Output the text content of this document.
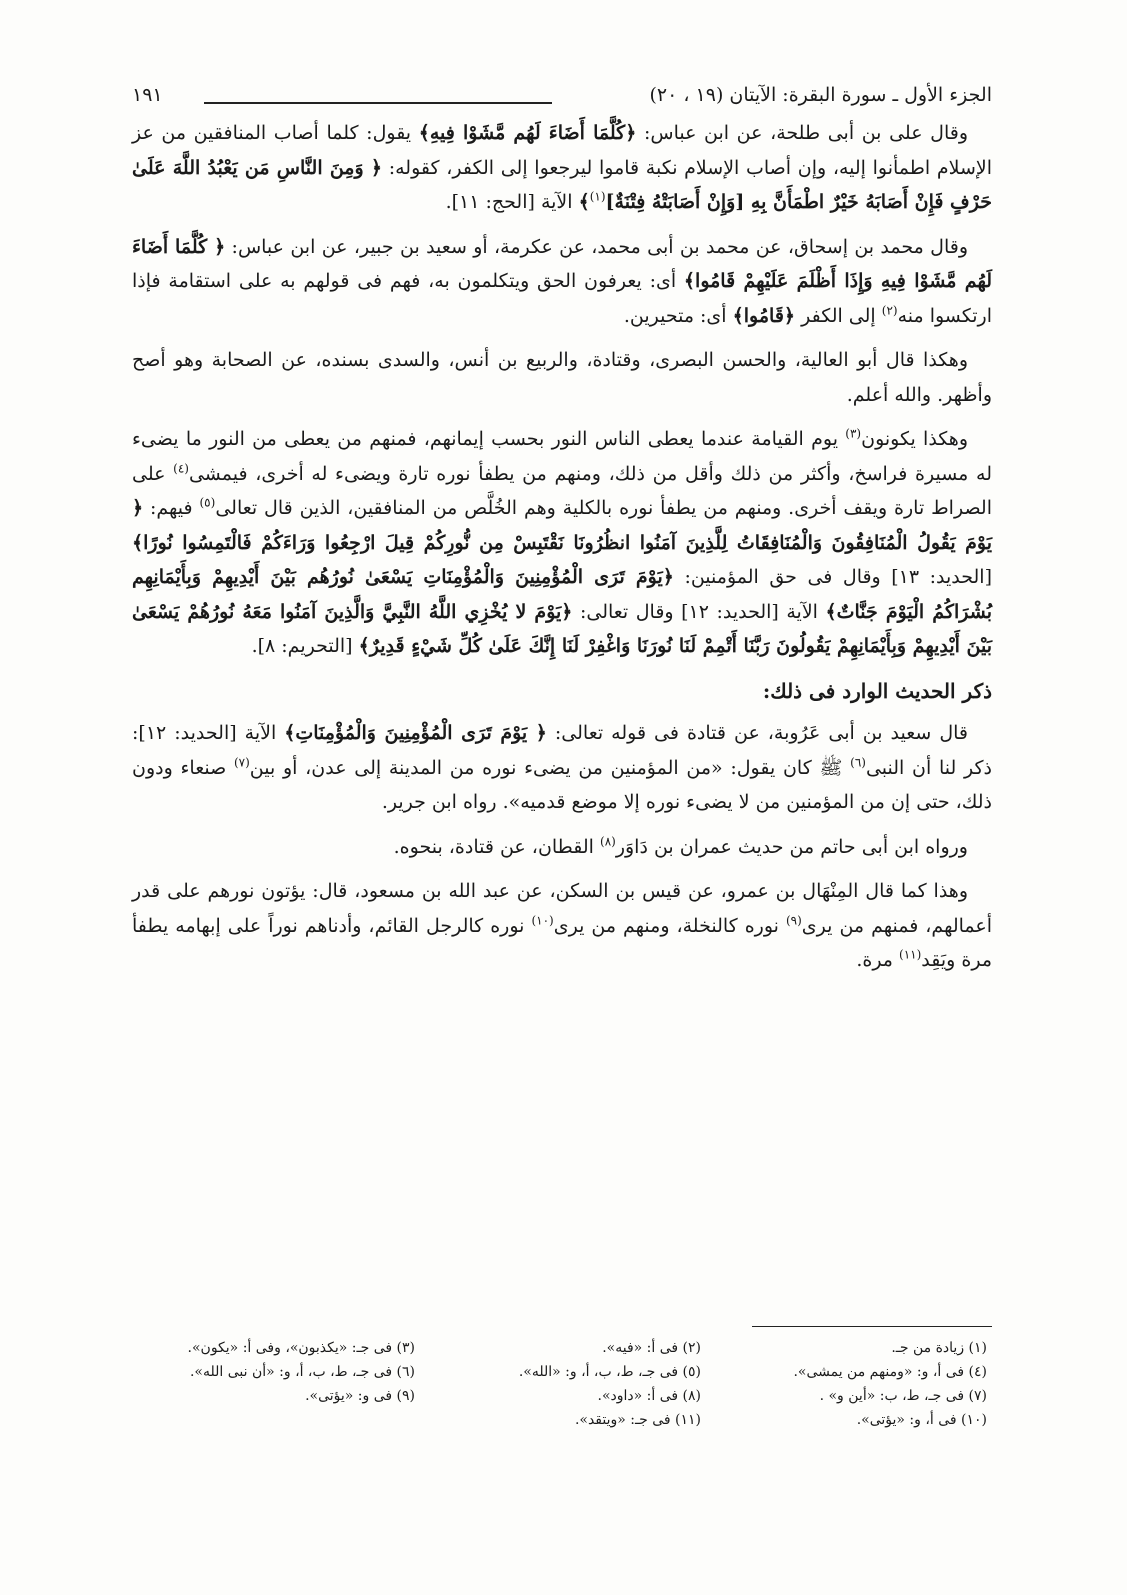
الجزء الأول ـ سورة البقرة: الآيتان (١٩ ، ٢٠)
١٩١

وقال على بن أبى طلحة، عن ابن عباس: ﴿كُلَّمَا أَضَاءَ لَهُم مَّشَوْا فِيهِ﴾ يقول: كلما أصاب المنافقين من عز الإسلام اطمأنوا إليه، وإن أصاب الإسلام نكبة قاموا ليرجعوا إلى الكفر، كقوله: ﴿ وَمِنَ النَّاسِ مَن يَعْبُدُ اللَّهَ عَلَىٰ حَرْفٍ فَإِنْ أَصَابَهُ خَيْرٌ اطْمَأَنَّ بِهِ [وَإِنْ أَصَابَتْهُ فِتْنَةٌ]$^{(١)}$﴾ الآية [الحج: ١١].

وقال محمد بن إسحاق، عن محمد بن أبى محمد، عن عكرمة، أو سعيد بن جبير، عن ابن عباس: ﴿ كُلَّمَا أَضَاءَ لَهُم مَّشَوْا فِيهِ وَإِذَا أَظْلَمَ عَلَيْهِمْ قَامُوا﴾ أى: يعرفون الحق ويتكلمون به، فهم فى قولهم به على استقامة فإذا ارتكسوا منه$^{(٢)}$ إلى الكفر ﴿قَامُوا﴾ أى: متحيرين.

وهكذا قال أبو العالية، والحسن البصرى، وقتادة، والربيع بن أنس، والسدى بسنده، عن الصحابة وهو أصح وأظهر. والله أعلم.

وهكذا يكونون$^{(٣)}$ يوم القيامة عندما يعطى الناس النور بحسب إيمانهم، فمنهم من يعطى من النور ما يضىء له مسيرة فراسخ، وأكثر من ذلك وأقل من ذلك، ومنهم من يطفأ نوره تارة ويضىء له أخرى، فيمشى$^{(٤)}$ على الصراط تارة ويقف أخرى. ومنهم من يطفأ نوره بالكلية وهم الخُلَّص من المنافقين، الذين قال تعالى$^{(٥)}$ فيهم: ﴿ يَوْمَ يَقُولُ الْمُنَافِقُونَ وَالْمُنَافِقَاتُ لِلَّذِينَ آمَنُوا انظُرُونَا نَقْتَبِسْ مِن نُّورِكُمْ قِيلَ ارْجِعُوا وَرَاءَكُمْ فَالْتَمِسُوا نُورًا﴾ [الحديد: ١٣] وقال فى حق المؤمنين: ﴿يَوْمَ تَرَى الْمُؤْمِنِينَ وَالْمُؤْمِنَاتِ يَسْعَىٰ نُورُهُم بَيْنَ أَيْدِيهِمْ وَبِأَيْمَانِهِم بُشْرَاكُمُ الْيَوْمَ جَنَّاتٌ﴾ الآية [الحديد: ١٢] وقال تعالى: ﴿يَوْمَ لا يُخْزِي اللَّهُ النَّبِيَّ وَالَّذِينَ آمَنُوا مَعَهُ نُورُهُمْ يَسْعَىٰ بَيْنَ أَيْدِيهِمْ وَبِأَيْمَانِهِمْ يَقُولُونَ رَبَّنَا أَتْمِمْ لَنَا نُورَنَا وَاغْفِرْ لَنَا إِنَّكَ عَلَىٰ كُلِّ شَيْءٍ قَدِيرٌ﴾ [التحريم: ٨].

ذكر الحديث الوارد فى ذلك:

قال سعيد بن أبى عَرُوبة، عن قتادة فى قوله تعالى: ﴿ يَوْمَ تَرَى الْمُؤْمِنِينَ وَالْمُؤْمِنَاتِ﴾ الآية [الحديد: ١٢]: ذكر لنا أن النبى$^{(٦)}$ ﷺ كان يقول: «من المؤمنين من يضىء نوره من المدينة إلى عدن، أو بين$^{(٧)}$ صنعاء ودون ذلك، حتى إن من المؤمنين من لا يضىء نوره إلا موضع قدميه». رواه ابن جرير.

ورواه ابن أبى حاتم من حديث عمران بن دَاوَر$^{(٨)}$ القطان، عن قتادة، بنحوه.

وهذا كما قال المِنْهَال بن عمرو، عن قيس بن السكن، عن عبد الله بن مسعود، قال: يؤتون نورهم على قدر أعمالهم، فمنهم من يرى$^{(٩)}$ نوره كالنخلة، ومنهم من يرى$^{(١٠)}$ نوره كالرجل القائم، وأدناهم نوراً على إبهامه يطفأ مرة ويَقِد$^{(١١)}$ مرة.

(١) زيادة من جـ.
(٢) فى أ: «فيه».
(٣) فى جـ: «يكذبون»، وفى أ: «يكون».
(٤) فى أ، و: «ومنهم من يمشى».
(٥) فى جـ، ط، ب، أ، و: «الله».
(٦) فى جـ، ط، ب، أ، و: «أن نبى الله».
(٧) فى جـ، ط، ب: «أين و» .
(٨) فى أ: «داود».
(٩) فى و: «يؤتى».
(١٠) فى أ، و: «يؤتى».
(١١) فى جـ: «ويتقد».
